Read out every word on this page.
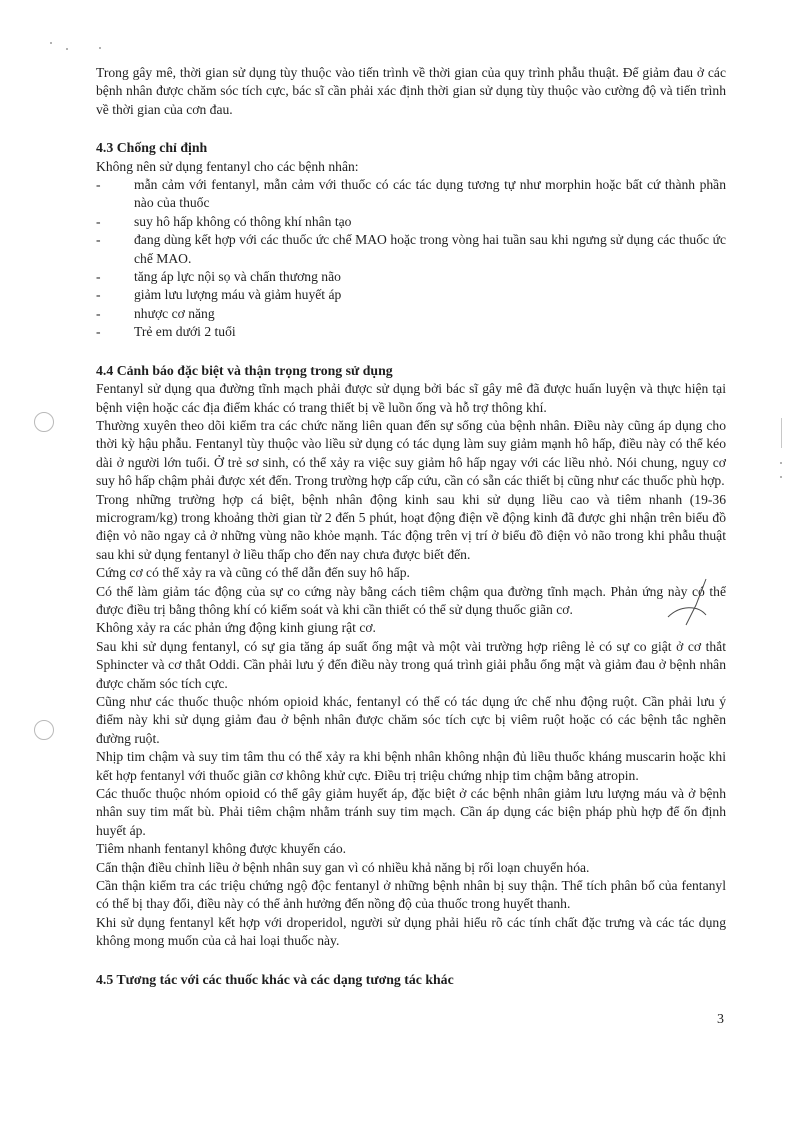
Trong gây mê, thời gian sử dụng tùy thuộc vào tiến trình về thời gian của quy trình phẫu thuật. Để giảm đau ở các bệnh nhân được chăm sóc tích cực, bác sĩ cần phải xác định thời gian sử dụng tùy thuộc vào cường độ và tiến trình về thời gian của cơn đau.

4.3 Chống chỉ định

Không nên sử dụng fentanyl cho các bệnh nhân:

- mẫn cảm với fentanyl, mẫn cảm với thuốc có các tác dụng tương tự như morphin hoặc bất cứ thành phần nào của thuốc
- suy hô hấp không có thông khí nhân tạo
- đang dùng kết hợp với các thuốc ức chế MAO hoặc trong vòng hai tuần sau khi ngưng sử dụng các thuốc ức chế MAO.
- tăng áp lực nội sọ và chấn thương não
- giảm lưu lượng máu và giảm huyết áp
- nhược cơ năng
- Trẻ em dưới 2 tuổi
4.4 Cảnh báo đặc biệt và thận trọng trong sử dụng

Fentanyl sử dụng qua đường tĩnh mạch phải được sử dụng bởi bác sĩ gây mê đã được huấn luyện và thực hiện tại bệnh viện hoặc các địa điểm khác có trang thiết bị về luồn ống và hỗ trợ thông khí.

Thường xuyên theo dõi kiểm tra các chức năng liên quan đến sự sống của bệnh nhân. Điều này cũng áp dụng cho thời kỳ hậu phẫu. Fentanyl tùy thuộc vào liều sử dụng có tác dụng làm suy giảm mạnh hô hấp, điều này có thể kéo dài ở người lớn tuổi. Ở trẻ sơ sinh, có thể xảy ra việc suy giảm hô hấp ngay với các liều nhỏ. Nói chung, nguy cơ suy hô hấp chậm phải được xét đến. Trong trường hợp cấp cứu, cần có sẵn các thiết bị cũng như các thuốc phù hợp.

Trong những trường hợp cá biệt, bệnh nhân động kinh sau khi sử dụng liều cao và tiêm nhanh (19-36 microgram/kg) trong khoảng thời gian từ 2 đến 5 phút, hoạt động điện về động kinh đã được ghi nhận trên biểu đồ điện vỏ não ngay cả ở những vùng não khỏe mạnh. Tác động trên vị trí ở biểu đồ điện vỏ não trong khi phẫu thuật sau khi sử dụng fentanyl ở liều thấp cho đến nay chưa được biết đến.

Cứng cơ có thể xảy ra và cũng có thể dẫn đến suy hô hấp.

Có thể làm giảm tác động của sự co cứng này bằng cách tiêm chậm qua đường tĩnh mạch. Phản ứng này có thể được điều trị bằng thông khí có kiểm soát và khi cần thiết có thể sử dụng thuốc giãn cơ.

Không xảy ra các phản ứng động kinh giung rật cơ.

Sau khi sử dụng fentanyl, có sự gia tăng áp suất ống mật và một vài trường hợp riêng lẻ có sự co giật ở cơ thắt Sphincter và cơ thắt Oddi. Cần phải lưu ý đến điều này trong quá trình giải phẫu ống mật và giảm đau ở bệnh nhân được chăm sóc tích cực.

Cũng như các thuốc thuộc nhóm opioid khác, fentanyl có thể có tác dụng ức chế nhu động ruột. Cần phải lưu ý điểm này khi sử dụng giảm đau ở bệnh nhân được chăm sóc tích cực bị viêm ruột hoặc có các bệnh tắc nghẽn đường ruột.

Nhịp tim chậm và suy tim tâm thu có thể xảy ra khi bệnh nhân không nhận đủ liều thuốc kháng muscarin hoặc khi kết hợp fentanyl với thuốc giãn cơ không khử cực. Điều trị triệu chứng nhịp tim chậm bằng atropin.

Các thuốc thuộc nhóm opioid có thể gây giảm huyết áp, đặc biệt ở các bệnh nhân giảm lưu lượng máu và ở bệnh nhân suy tim mất bù. Phải tiêm chậm nhằm tránh suy tim mạch. Cần áp dụng các biện pháp phù hợp để ổn định huyết áp.

Tiêm nhanh fentanyl không được khuyến cáo.

Cẩn thận điều chỉnh liều ở bệnh nhân suy gan vì có nhiều khả năng bị rối loạn chuyển hóa.

Cần thận kiểm tra các triệu chứng ngộ độc fentanyl ở những bệnh nhân bị suy thận. Thể tích phân bố của fentanyl có thể bị thay đổi, điều này có thể ảnh hưởng đến nồng độ của thuốc trong huyết thanh.

Khi sử dụng fentanyl kết hợp với droperidol, người sử dụng phải hiểu rõ các tính chất đặc trưng và các tác dụng không mong muốn của cả hai loại thuốc này.

4.5 Tương tác với các thuốc khác và các dạng tương tác khác
3
